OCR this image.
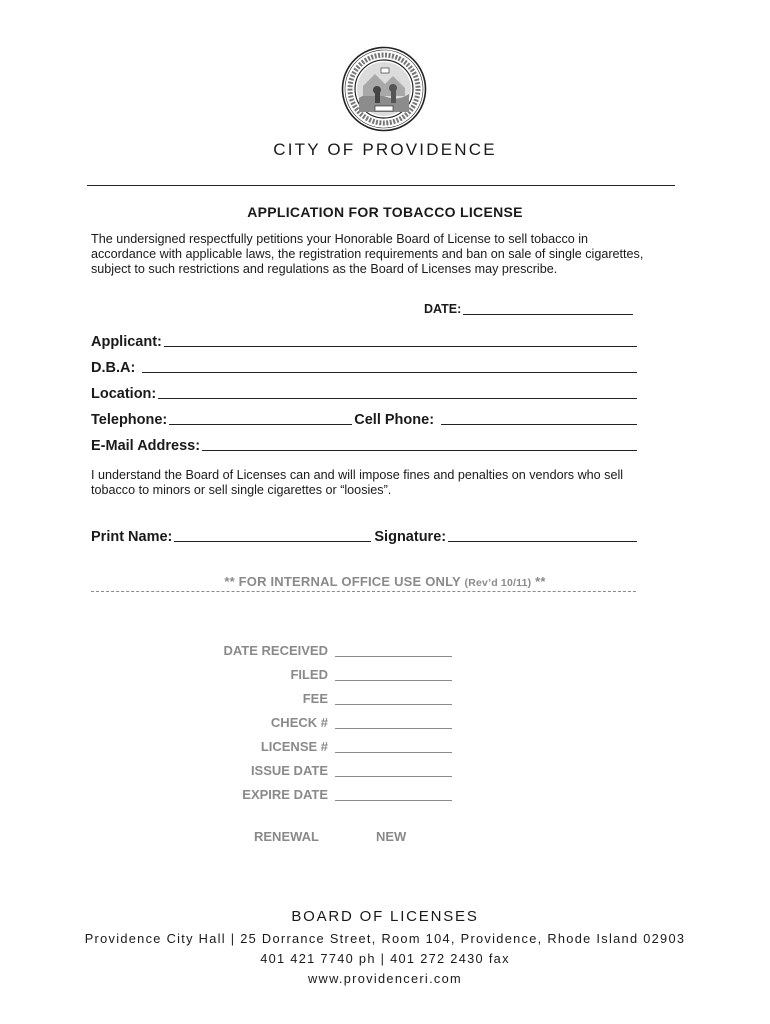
CITY OF PROVIDENCE
APPLICATION FOR TOBACCO LICENSE
The undersigned respectfully petitions your Honorable Board of License to sell tobacco in accordance with applicable laws, the registration requirements and ban on sale of single cigarettes, subject to such restrictions and regulations as the Board of Licenses may prescribe.
DATE:
Applicant:
D.B.A:
Location:
Telephone:	Cell Phone:
E-Mail Address:
I understand the Board of Licenses can and will impose fines and penalties on vendors who sell tobacco to minors or sell single cigarettes or “loosies”.
Print Name:	Signature:
** FOR INTERNAL OFFICE USE ONLY (Rev’d 10/11) **
DATE RECEIVED
FILED
FEE
CHECK #
LICENSE #
ISSUE DATE
EXPIRE DATE
RENEWAL	NEW
BOARD OF LICENSES
Providence City Hall | 25 Dorrance Street, Room 104, Providence, Rhode Island 02903
401 421 7740 ph | 401 272 2430 fax
www.providenceri.com
